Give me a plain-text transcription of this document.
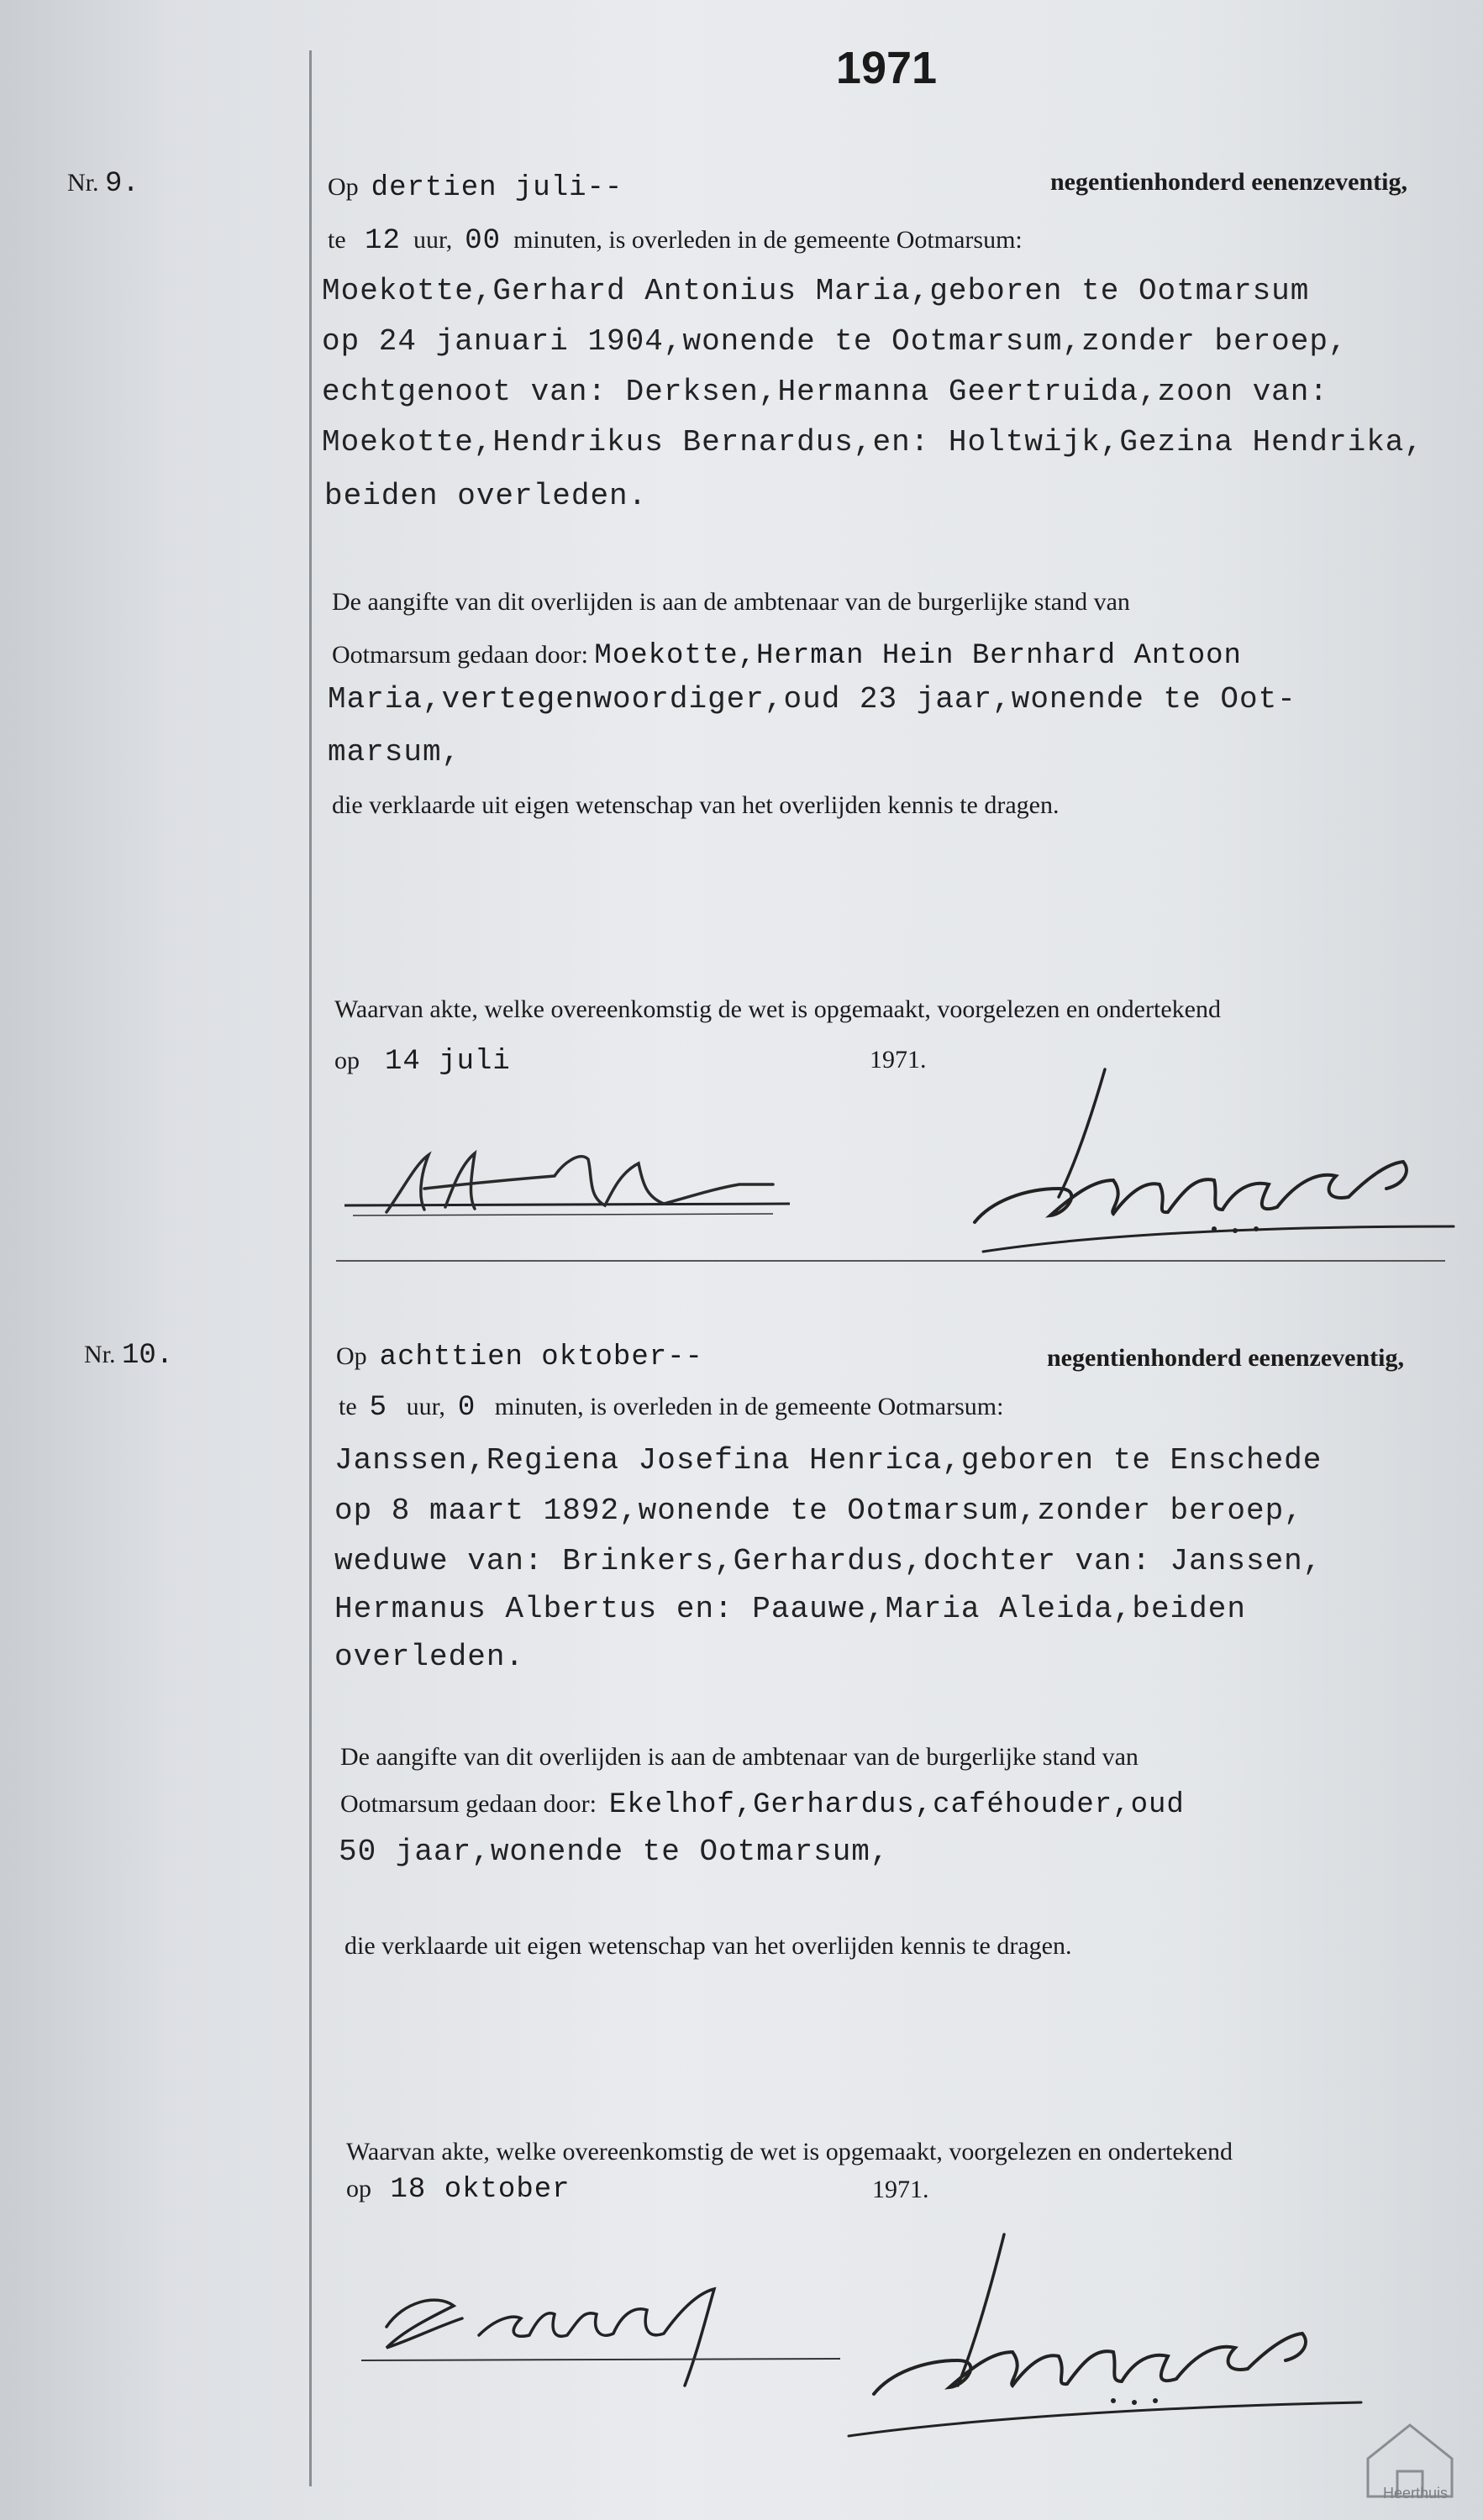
1971
Nr. 9.	Op dertien juli--	negentienhonderd eenenzeventig,
te 12 uur, 00 minuten, is overleden in de gemeente Ootmarsum:
Moekotte,Gerhard Antonius Maria,geboren te Ootmarsum
op 24 januari 1904,wonende te Ootmarsum,zonder beroep,
echtgenoot van: Derksen,Hermanna Geertruida,zoon van:
Moekotte,Hendrikus Bernardus,en: Holtwijk,Gezina Hendrika,
beiden overleden.
De aangifte van dit overlijden is aan de ambtenaar van de burgerlijke stand van
Ootmarsum gedaan door: Moekotte,Herman Hein Bernhard Antoon
Maria,vertegenwoordiger,oud 23 jaar,wonende te Oot-
marsum,
die verklaarde uit eigen wetenschap van het overlijden kennis te dragen.
Waarvan akte, welke overeenkomstig de wet is opgemaakt, voorgelezen en ondertekend
op 14 juli	1971.
Nr. 10.	Op achttien oktober--	negentienhonderd eenenzeventig,
te 5 uur, 0 minuten, is overleden in de gemeente Ootmarsum:
Janssen,Regiena Josefina Henrica,geboren te Enschede
op 8 maart 1892,wonende te Ootmarsum,zonder beroep,
weduwe van: Brinkers,Gerhardus,dochter van: Janssen,
Hermanus Albertus en: Paauwe,Maria Aleida,beiden
overleden.
De aangifte van dit overlijden is aan de ambtenaar van de burgerlijke stand van
Ootmarsum gedaan door: Ekelhof,Gerhardus,caféhouder,oud
50 jaar,wonende te Ootmarsum,
die verklaarde uit eigen wetenschap van het overlijden kennis te dragen.
Waarvan akte, welke overeenkomstig de wet is opgemaakt, voorgelezen en ondertekend
op 18 oktober	1971.
Heerthuis
